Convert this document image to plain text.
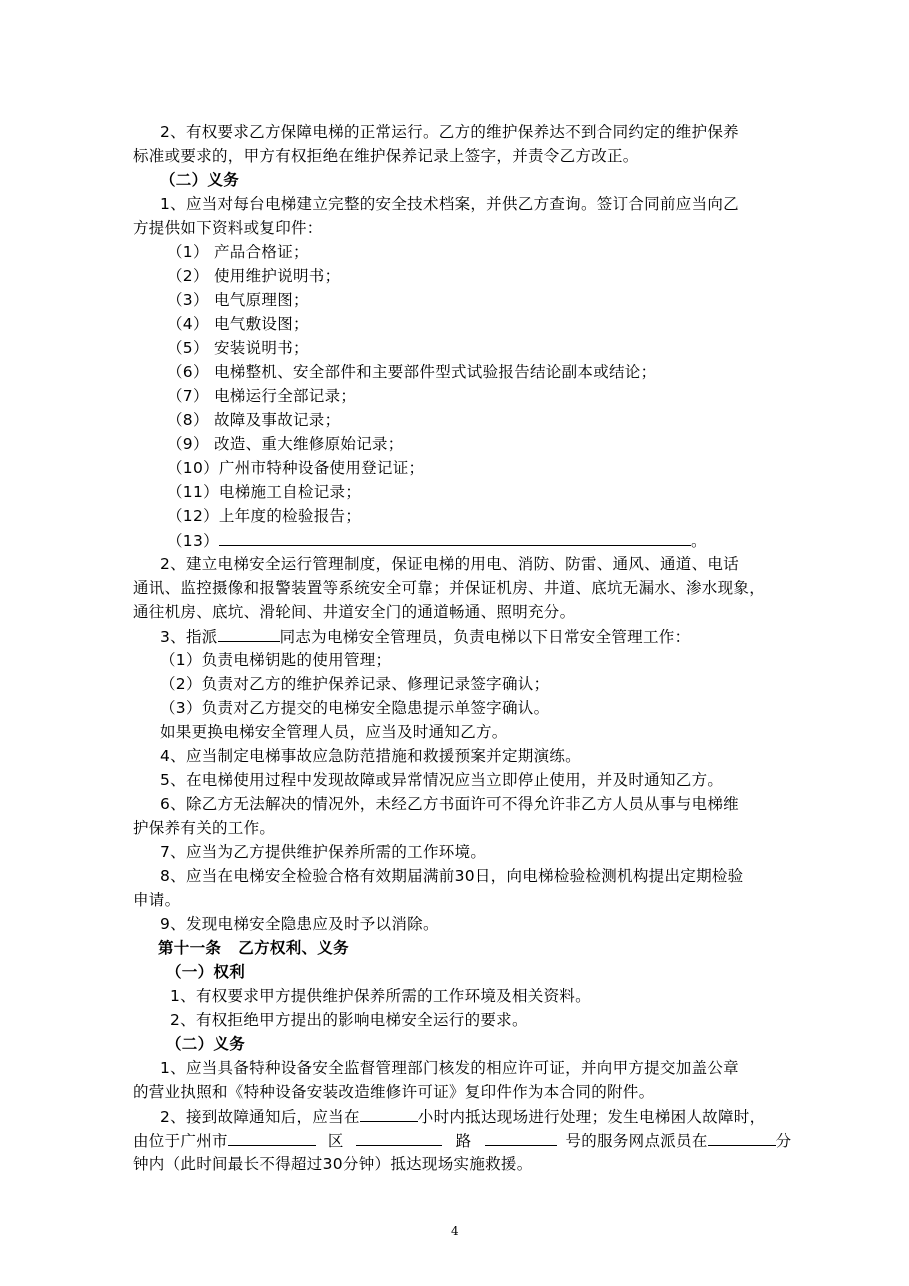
2、有权要求乙方保障电梯的正常运行。乙方的维护保养达不到合同约定的维护保养
标准或要求的，甲方有权拒绝在维护保养记录上签字，并责令乙方改正。
（二）义务
1、应当对每台电梯建立完整的安全技术档案，并供乙方查询。签订合同前应当向乙
方提供如下资料或复印件：
（1） 产品合格证；
（2） 使用维护说明书；
（3） 电气原理图；
（4） 电气敷设图；
（5） 安装说明书；
（6） 电梯整机、安全部件和主要部件型式试验报告结论副本或结论；
（7） 电梯运行全部记录；
（8） 故障及事故记录；
（9） 改造、重大维修原始记录；
（10）广州市特种设备使用登记证；
（11）电梯施工自检记录；
（12）上年度的检验报告；
（13）	。
2、建立电梯安全运行管理制度，保证电梯的用电、消防、防雷、通风、通道、电话
通讯、监控摄像和报警装置等系统安全可靠；并保证机房、井道、底坑无漏水、渗水现象，
通往机房、底坑、滑轮间、井道安全门的通道畅通、照明充分。
3、指派	同志为电梯安全管理员，负责电梯以下日常安全管理工作：
（1）负责电梯钥匙的使用管理；
（2）负责对乙方的维护保养记录、修理记录签字确认；
（3）负责对乙方提交的电梯安全隐患提示单签字确认。
如果更换电梯安全管理人员，应当及时通知乙方。
4、应当制定电梯事故应急防范措施和救援预案并定期演练。
5、在电梯使用过程中发现故障或异常情况应当立即停止使用，并及时通知乙方。
6、除乙方无法解决的情况外，未经乙方书面许可不得允许非乙方人员从事与电梯维
护保养有关的工作。
7、应当为乙方提供维护保养所需的工作环境。
8、应当在电梯安全检验合格有效期届满前30日，向电梯检验检测机构提出定期检验
申请。
9、发现电梯安全隐患应及时予以消除。
第十一条   乙方权利、义务
（一）权利
1、有权要求甲方提供维护保养所需的工作环境及相关资料。
2、有权拒绝甲方提出的影响电梯安全运行的要求。
（二）义务
1、应当具备特种设备安全监督管理部门核发的相应许可证，并向甲方提交加盖公章
的营业执照和《特种设备安装改造维修许可证》复印件作为本合同的附件。
2、接到故障通知后，应当在	小时内抵达现场进行处理；发生电梯困人故障时，
由位于广州市	区	路	号的服务网点派员在	分
钟内（此时间最长不得超过30分钟）抵达现场实施救援。
4
